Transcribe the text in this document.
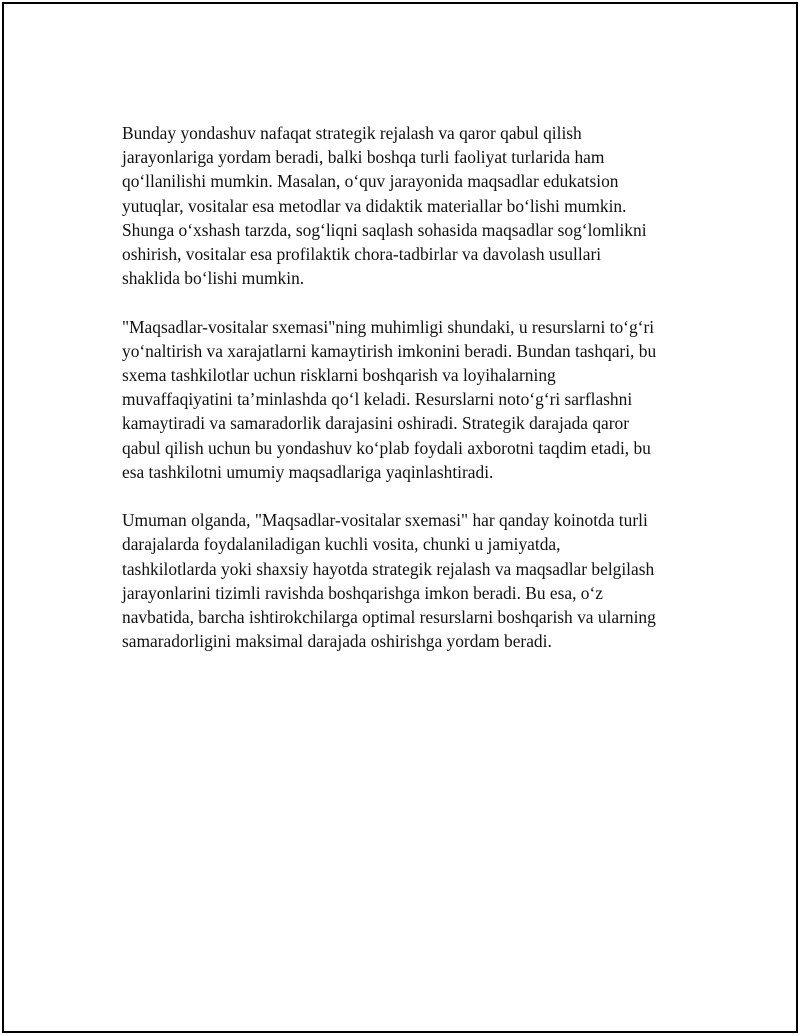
Bunday yondashuv nafaqat strategik rejalash va qaror qabul qilish
jarayonlariga yordam beradi, balki boshqa turli faoliyat turlarida ham
qo‘llanilishi mumkin. Masalan, o‘quv jarayonida maqsadlar edukatsion
yutuqlar, vositalar esa metodlar va didaktik materiallar bo‘lishi mumkin.
Shunga o‘xshash tarzda, sog‘liqni saqlash sohasida maqsadlar sog‘lomlikni
oshirish, vositalar esa profilaktik chora-tadbirlar va davolash usullari
shaklida bo‘lishi mumkin.

"Maqsadlar-vositalar sxemasi"ning muhimligi shundaki, u resurslarni to‘g‘ri
yo‘naltirish va xarajatlarni kamaytirish imkonini beradi. Bundan tashqari, bu
sxema tashkilotlar uchun risklarni boshqarish va loyihalarning
muvaffaqiyatini ta’minlashda qo‘l keladi. Resurslarni noto‘g‘ri sarflashni
kamaytiradi va samaradorlik darajasini oshiradi. Strategik darajada qaror
qabul qilish uchun bu yondashuv ko‘plab foydali axborotni taqdim etadi, bu
esa tashkilotni umumiy maqsadlariga yaqinlashtiradi.

Umuman olganda, "Maqsadlar-vositalar sxemasi" har qanday koinotda turli
darajalarda foydalaniladigan kuchli vosita, chunki u jamiyatda,
tashkilotlarda yoki shaxsiy hayotda strategik rejalash va maqsadlar belgilash
jarayonlarini tizimli ravishda boshqarishga imkon beradi. Bu esa, o‘z
navbatida, barcha ishtirokchilarga optimal resurslarni boshqarish va ularning
samaradorligini maksimal darajada oshirishga yordam beradi.
